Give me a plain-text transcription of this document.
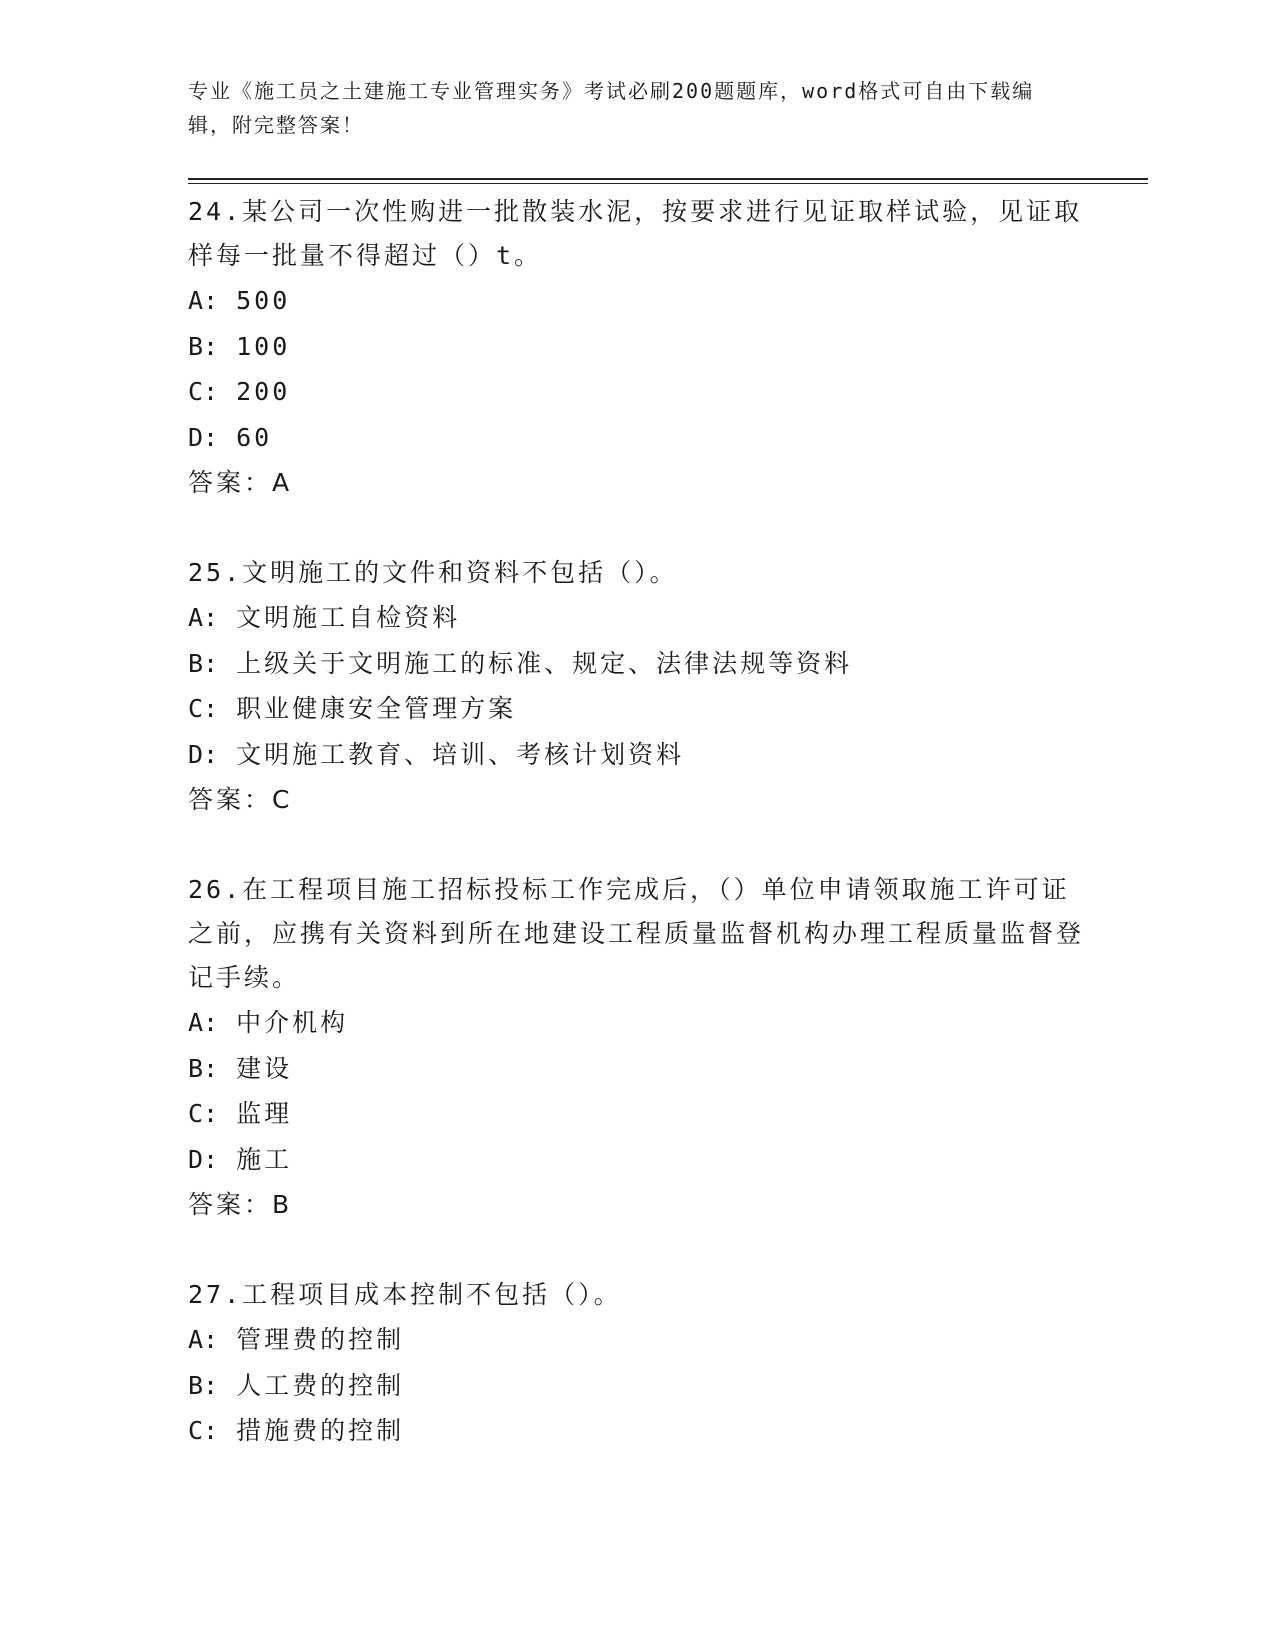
专业《施工员之土建施工专业管理实务》考试必刷200题题库，word格式可自由下载编辑，附完整答案！

24.某公司一次性购进一批散装水泥，按要求进行见证取样试验，见证取样每一批量不得超过（）t。

A: 500

B: 100

C: 200

D: 60

答案：A

25.文明施工的文件和资料不包括（）。

A: 文明施工自检资料

B: 上级关于文明施工的标准、规定、法律法规等资料

C: 职业健康安全管理方案

D: 文明施工教育、培训、考核计划资料

答案：C

26.在工程项目施工招标投标工作完成后，（）单位申请领取施工许可证之前，应携有关资料到所在地建设工程质量监督机构办理工程质量监督登记手续。

A: 中介机构

B: 建设

C: 监理

D: 施工

答案：B

27.工程项目成本控制不包括（）。

A: 管理费的控制

B: 人工费的控制

C: 措施费的控制
